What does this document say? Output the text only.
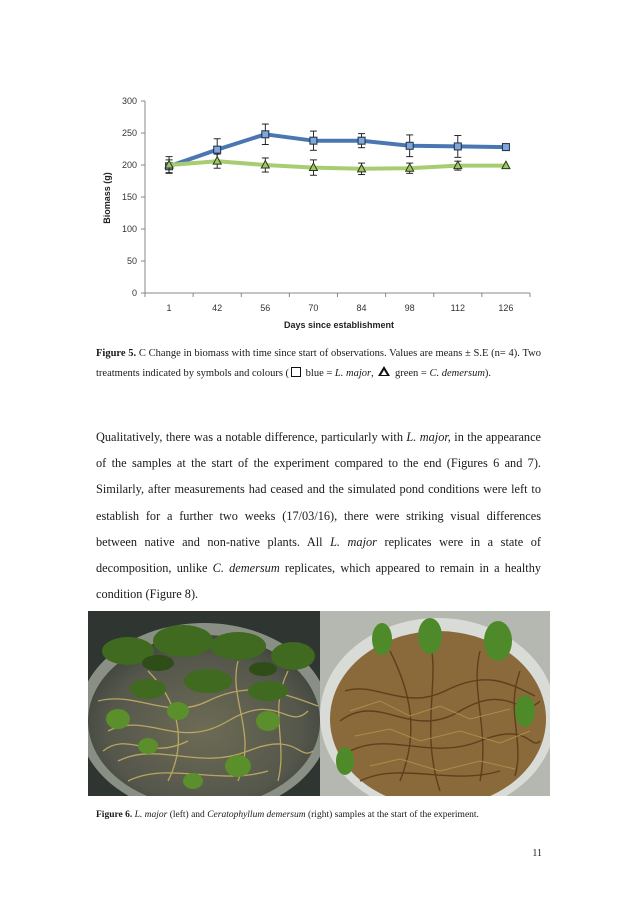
0
50
100
150
200
250
300
1	42	56	70	84	98	112	126
Biomass (g)
Days since establishment
Figure 5. C Change in biomass with time since start of observations. Values are means ± S.E (n= 4). Two treatments indicated by symbols and colours ( blue = L. major,  green = C. demersum).
Qualitatively, there was a notable difference, particularly with L. major, in the appearance of the samples at the start of the experiment compared to the end (Figures 6 and 7). Similarly, after measurements had ceased and the simulated pond conditions were left to establish for a further two weeks (17/03/16), there were striking visual differences between native and non-native plants. All L. major replicates were in a state of decomposition, unlike C. demersum replicates, which appeared to remain in a healthy condition (Figure 8).
Figure 6. L. major (left) and Ceratophyllum demersum (right) samples at the start of the experiment.
11
